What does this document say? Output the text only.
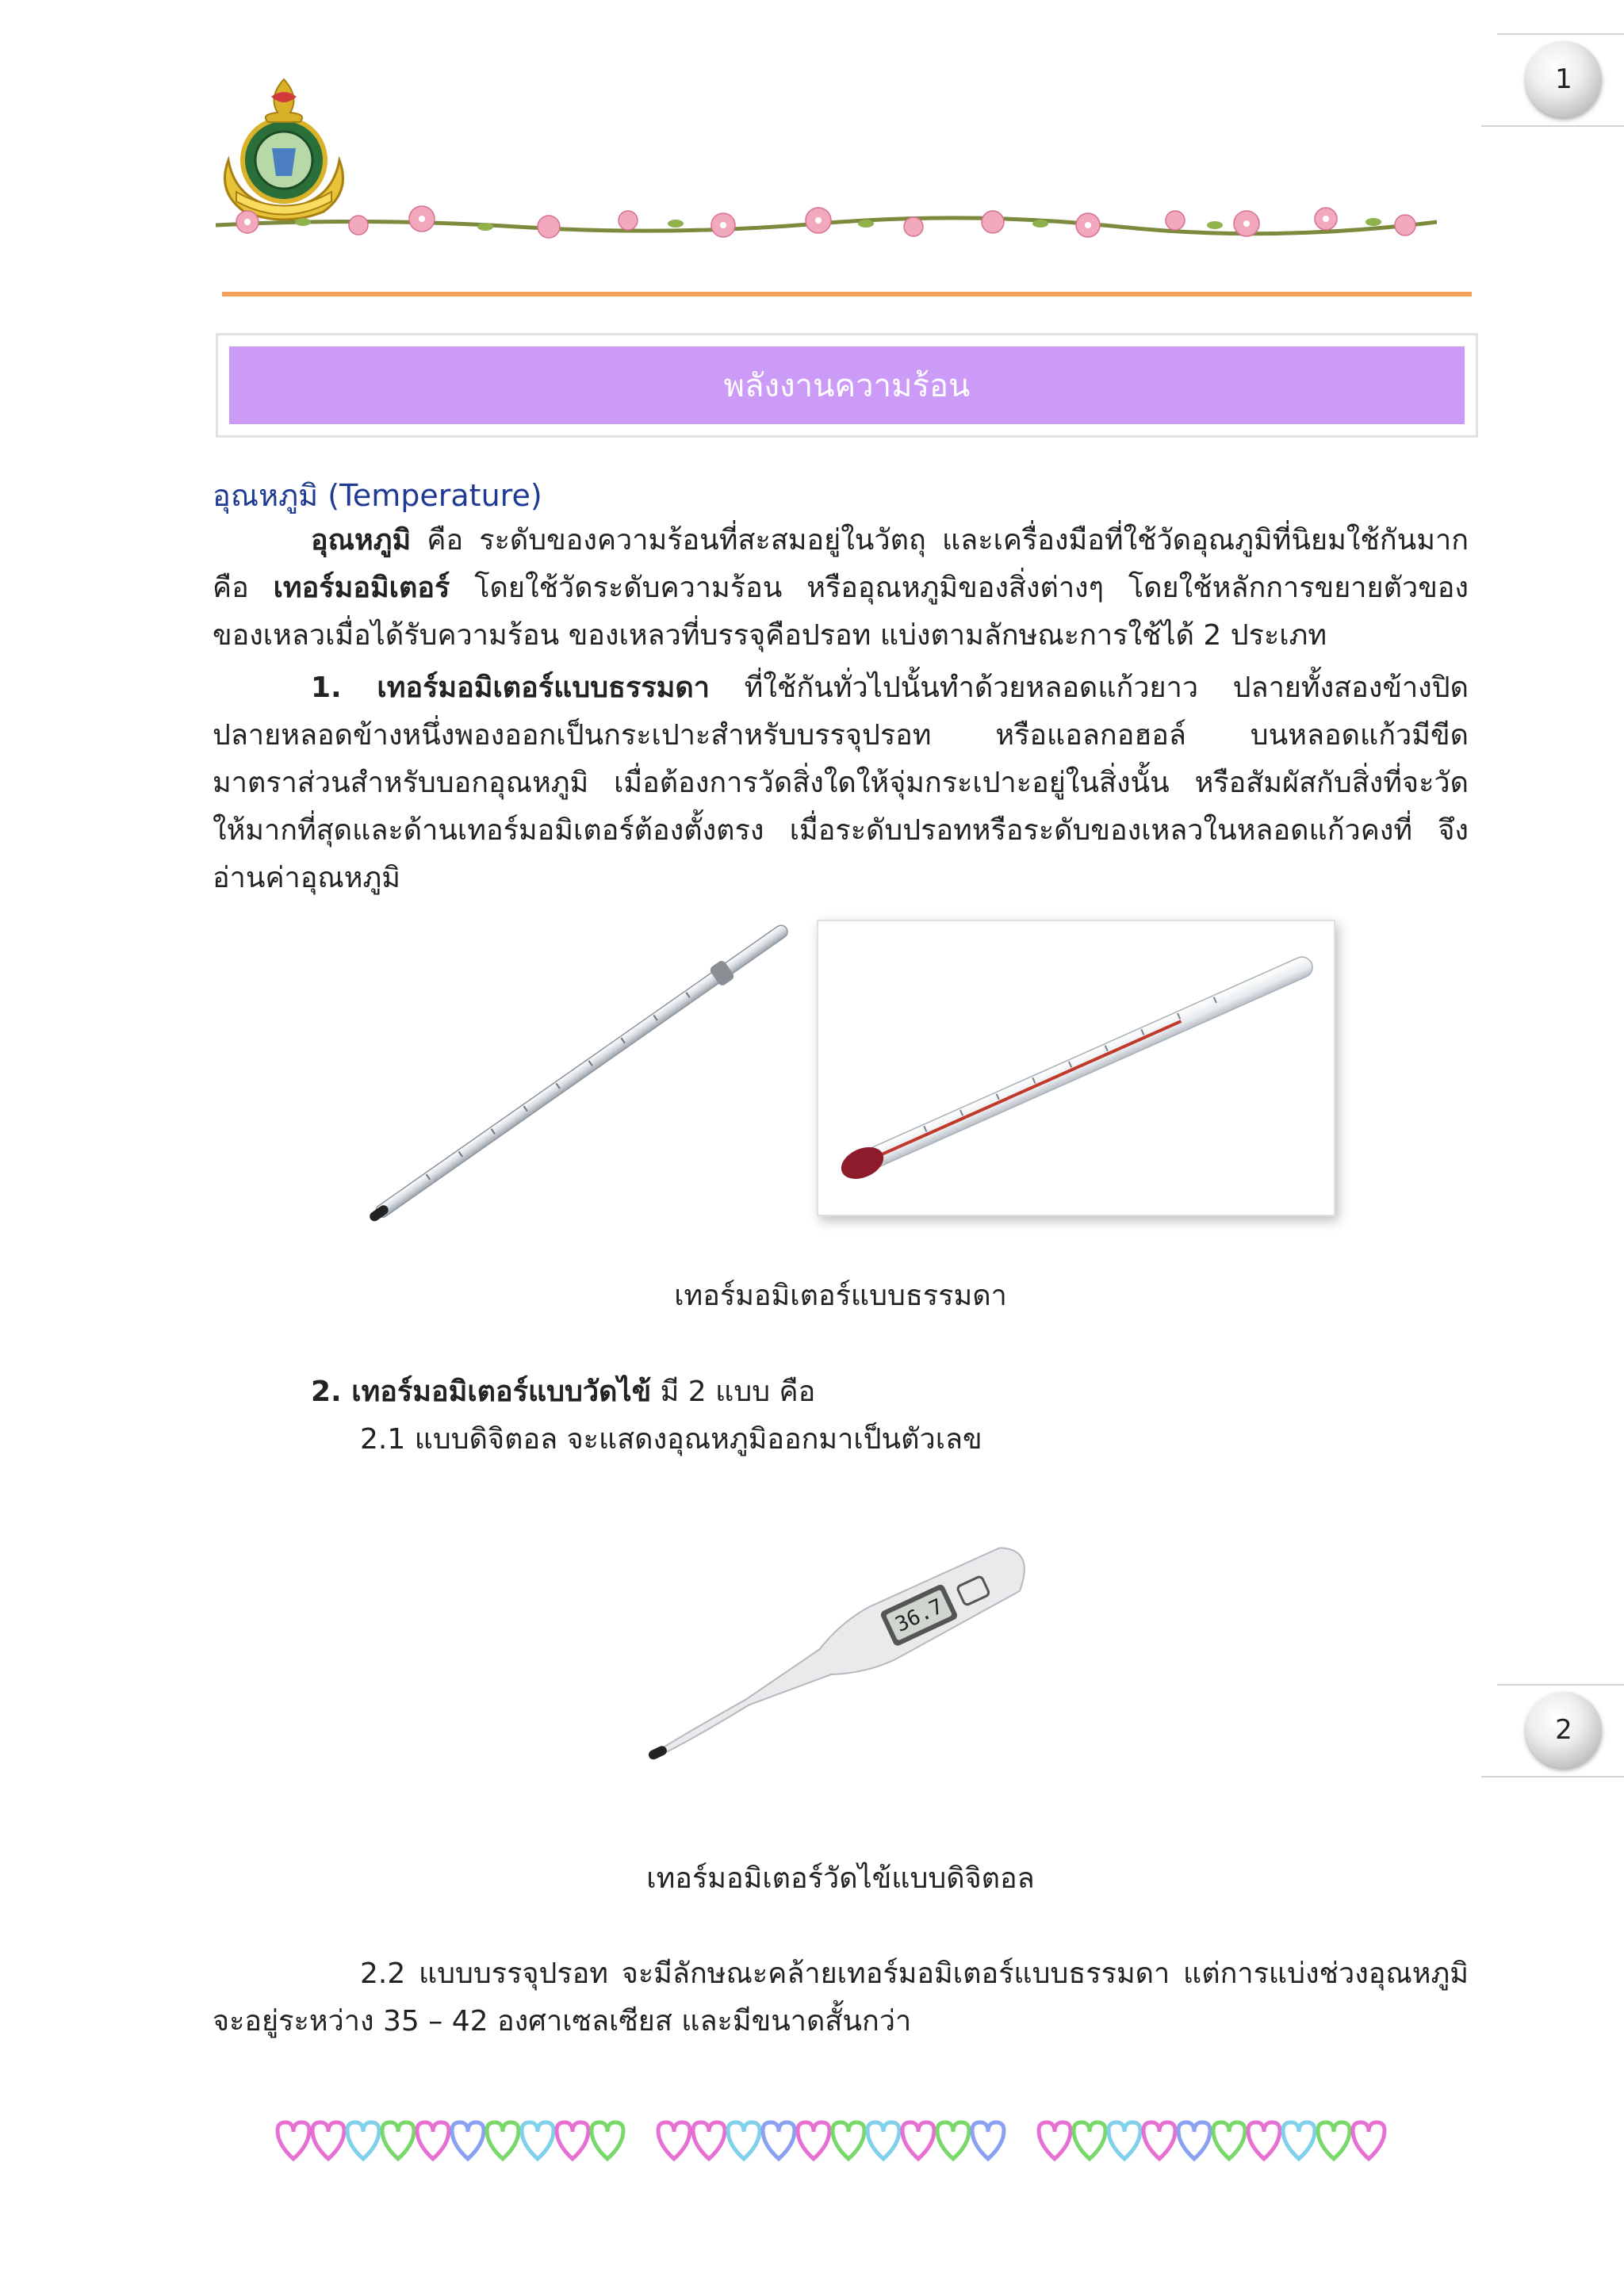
1
2
พลังงานความร้อน
อุณหภูมิ (Temperature)

อุณหภูมิ คือ ระดับของความร้อนที่สะสมอยู่ในวัตถุ และเครื่องมือที่ใช้วัดอุณภูมิที่นิยมใช้กันมากคือ เทอร์มอมิเตอร์ โดยใช้วัดระดับความร้อน หรืออุณหภูมิของสิ่งต่างๆ โดยใช้หลักการขยายตัวของของเหลวเมื่อได้รับความร้อน ของเหลวที่บรรจุคือปรอท แบ่งตามลักษณะการใช้ได้ 2 ประเภท

1. เทอร์มอมิเตอร์แบบธรรมดา ที่ใช้กันทั่วไปนั้นทำด้วยหลอดแก้วยาว ปลายทั้งสองข้างปิด ปลายหลอดข้างหนึ่งพองออกเป็นกระเปาะสำหรับบรรจุปรอท หรือแอลกอฮอล์ บนหลอดแก้วมีขีดมาตราส่วนสำหรับบอกอุณหภูมิ เมื่อต้องการวัดสิ่งใดให้จุ่มกระเปาะอยู่ในสิ่งนั้น หรือสัมผัสกับสิ่งที่จะวัดให้มากที่สุดและด้านเทอร์มอมิเตอร์ต้องตั้งตรง เมื่อระดับปรอทหรือระดับของเหลวในหลอดแก้วคงที่ จึงอ่านค่าอุณหภูมิ

เทอร์มอมิเตอร์แบบธรรมดา

2. เทอร์มอมิเตอร์แบบวัดไข้ มี 2 แบบ คือ

2.1 แบบดิจิตอล จะแสดงอุณหภูมิออกมาเป็นตัวเลข

36.7
เทอร์มอมิเตอร์วัดไข้แบบดิจิตอล

2.2 แบบบรรจุปรอท จะมีลักษณะคล้ายเทอร์มอมิเตอร์แบบธรรมดา แต่การแบ่งช่วงอุณหภูมิจะอยู่ระหว่าง 35 – 42 องศาเซลเซียส และมีขนาดสั้นกว่า
